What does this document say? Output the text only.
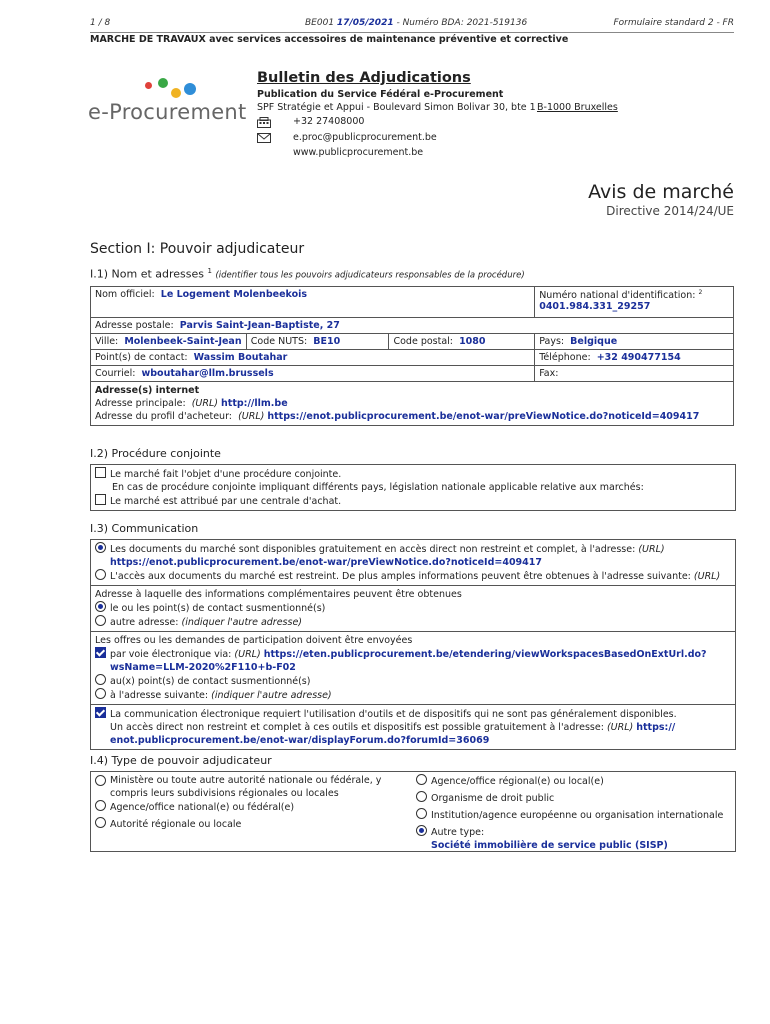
1 / 8	BE001 17/05/2021 - Numéro BDA: 2021-519136	Formulaire standard 2 - FR
MARCHE DE TRAVAUX avec services accessoires de maintenance préventive et corrective
e-Procurement
Bulletin des Adjudications
Publication du Service Fédéral e-Procurement
SPF Stratégie et Appui - Boulevard Simon Bolivar 30, bte 1 B-1000 Bruxelles
+32 27408000
e.proc@publicprocurement.be
www.publicprocurement.be
Avis de marché
Directive 2014/24/UE
Section I: Pouvoir adjudicateur
I.1) Nom et adresses $^1$ (identifier tous les pouvoirs adjudicateurs responsables de la procédure)
Nom officiel: Le Logement Molenbeekois			Numéro national d'identification: $^2$  0401.984.331_29257
Adresse postale: Parvis Saint-Jean-Baptiste, 27			
Ville: Molenbeek-Saint-Jean	Code NUTS: BE10	Code postal: 1080	Pays: Belgique
Point(s) de contact: Wassim Boutahar			Téléphone: +32 490477154
Courriel: wboutahar@llm.brussels			Fax:

Adresse(s) internet
Adresse principale: (URL) http://llm.be
Adresse du profil d'acheteur: (URL) https://enot.publicprocurement.be/enot-war/preViewNotice.do?noticeId=409417			
I.2) Procédure conjointe
Le marché fait l'objet d'une procédure conjointe.
En cas de procédure conjointe impliquant différents pays, législation nationale applicable relative aux marchés:
Le marché est attribué par une centrale d'achat.
I.3) Communication
Les documents du marché sont disponibles gratuitement en accès direct non restreint et complet, à l'adresse: (URL)
https://enot.publicprocurement.be/enot-war/preViewNotice.do?noticeId=409417
L'accès aux documents du marché est restreint. De plus amples informations peuvent être obtenues à l'adresse suivante: (URL)
Adresse à laquelle des informations complémentaires peuvent être obtenues
le ou les point(s) de contact susmentionné(s)
autre adresse: (indiquer l'autre adresse)
Les offres ou les demandes de participation doivent être envoyées
par voie électronique via: (URL) https://eten.publicprocurement.be/etendering/viewWorkspacesBasedOnExtUrl.do?
wsName=LLM-2020%2F110+b-F02
au(x) point(s) de contact susmentionné(s)
à l'adresse suivante: (indiquer l'autre adresse)
La communication électronique requiert l'utilisation d'outils et de dispositifs qui ne sont pas généralement disponibles.
Un accès direct non restreint et complet à ces outils et dispositifs est possible gratuitement à l'adresse: (URL) https://
enot.publicprocurement.be/enot-war/displayForum.do?forumId=36069
I.4) Type de pouvoir adjudicateur
Ministère ou toute autre autorité nationale ou fédérale, y compris leurs subdivisions régionales ou locales
Agence/office national(e) ou fédéral(e)
Autorité régionale ou locale
Agence/office régional(e) ou local(e)
Organisme de droit public
Institution/agence européenne ou organisation internationale
Autre type:
Société immobilière de service public (SISP)
